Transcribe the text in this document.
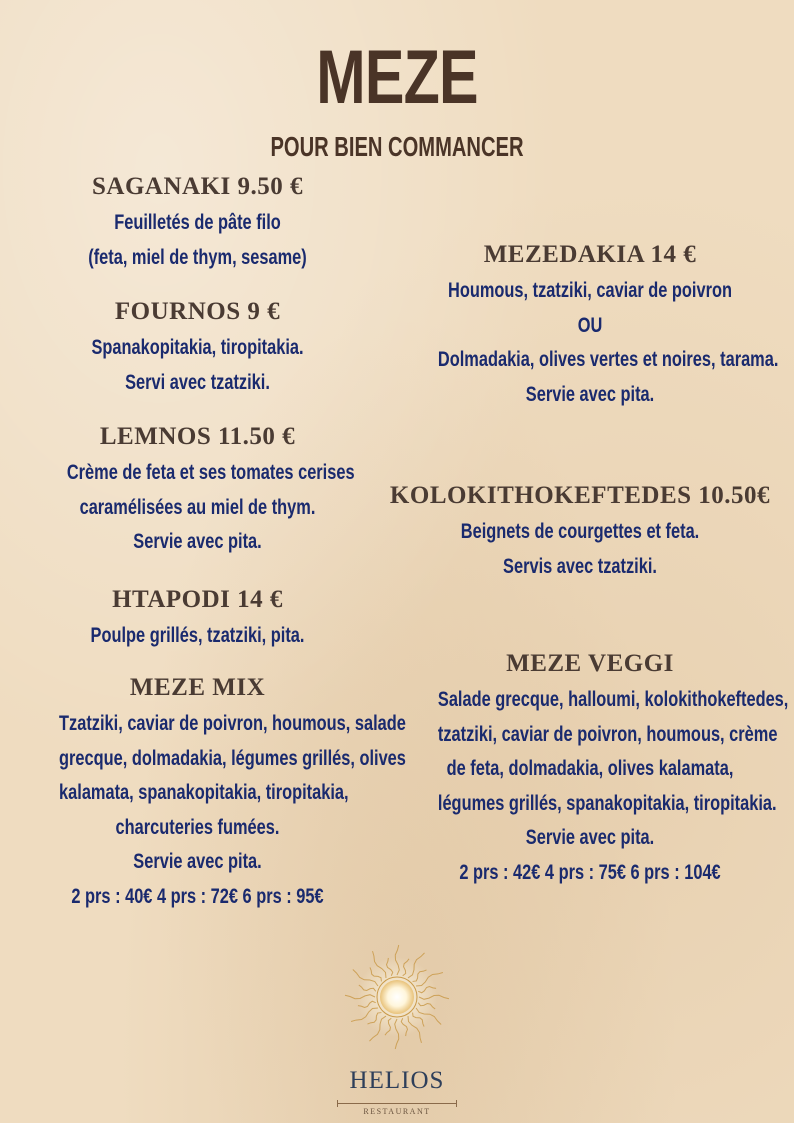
MEZE
POUR BIEN COMMANCER
SAGANAKI 9.50 €
Feuilletés de pâte filo
(feta, miel de thym, sesame)
FOURNOS 9 €
Spanakopitakia, tiropitakia.
Servi avec tzatziki.
LEMNOS 11.50 €
Crème de feta et ses tomates cerises
caramélisées au miel de thym.
Servie avec pita.
HTAPODI 14 €
Poulpe grillés, tzatziki, pita.
MEZE MIX
Tzatziki, caviar de poivron, houmous, salade
grecque, dolmadakia, légumes grillés, olives
kalamata, spanakopitakia, tiropitakia,
charcuteries fumées.
Servie avec pita.
2 prs : 40€ 4 prs : 72€ 6 prs : 95€
MEZEDAKIA 14 €
Houmous, tzatziki, caviar de poivron
OU
Dolmadakia, olives vertes et noires, tarama.
Servie avec pita.
KOLOKITHOKEFTEDES 10.50€
Beignets de courgettes et feta.
Servis avec tzatziki.
MEZE VEGGI
Salade grecque, halloumi, kolokithokeftedes,
tzatziki, caviar de poivron, houmous, crème
de feta, dolmadakia, olives kalamata,
légumes grillés, spanakopitakia, tiropitakia.
Servie avec pita.
2 prs : 42€ 4 prs : 75€ 6 prs : 104€
HELIOS
RESTAURANT
